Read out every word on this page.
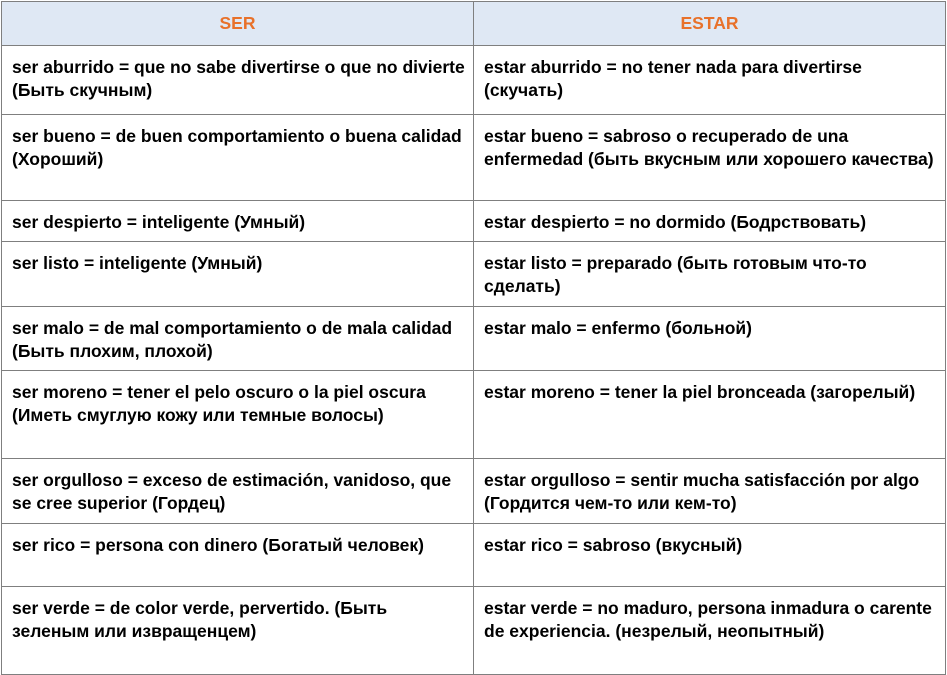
SER	ESTAR
ser aburrido = que no sabe divertirse o que no divierte (Быть скучным)	estar aburrido = no tener nada para divertirse (скучать)
ser bueno = de buen comportamiento o buena calidad (Хороший)	estar bueno = sabroso o recuperado de una enfermedad (быть вкусным или хорошего качества)
ser despierto = inteligente (Умный)	estar despierto = no dormido (Бодрствовать)
ser listo = inteligente (Умный)	estar listo = preparado (быть готовым что-то сделать)
ser malo = de mal comportamiento o de mala calidad (Быть плохим, плохой)	estar malo = enfermo (больной)
ser moreno = tener el pelo oscuro o la piel oscura (Иметь смуглую кожу или темные волосы)	estar moreno = tener la piel bronceada (загорелый)
ser orgulloso = exceso de estimación, vanidoso, que se cree superior (Гордец)	estar orgulloso = sentir mucha satisfacción por algo (Гордится чем-то или кем-то)
ser rico = persona con dinero (Богатый человек)	estar rico = sabroso (вкусный)
ser verde = de color verde, pervertido. (Быть зеленым или извращенцем)	estar verde = no maduro, persona inmadura o carente de experiencia. (незрелый, неопытный)
